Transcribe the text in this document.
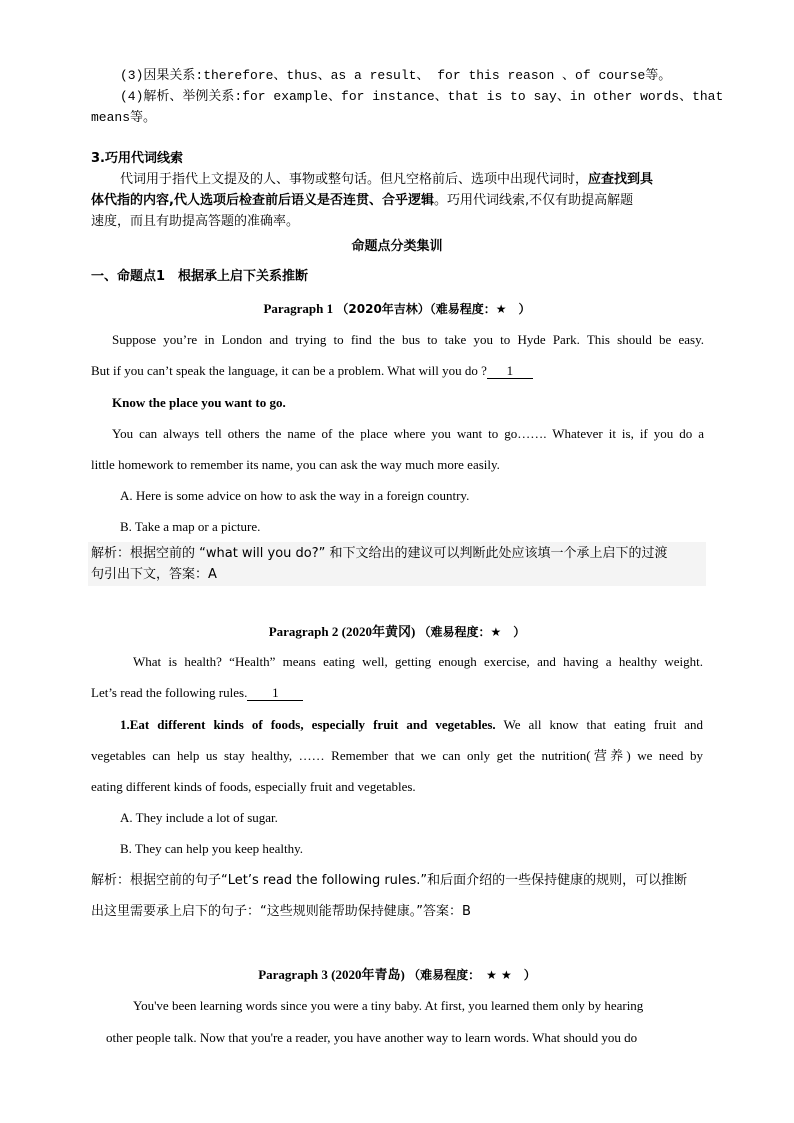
(3)因果关系:therefore、thus、as a result、 for this reason 、of course等。
(4)解析、举例关系:for example、for instance、that is to say、in other words、that
means等。
3.巧用代词线索
代词用于指代上文提及的人、事物或整句话。但凡空格前后、选项中出现代词时，应查找到具
体代指的内容,代人选项后检查前后语义是否连贯、合乎逻辑。巧用代词线索,不仅有助提高解题
速度，而且有助提高答题的准确率。
命题点分类集训
一、命题点1　根据承上启下关系推断
Paragraph 1 （2020年吉林）（难易程度：★　）
Suppose you’re in London and trying to find the bus to take you to Hyde Park. This should be easy.
But if you can’t speak the language, it can be a problem. What will you do ? 1
Know the place you want to go.
You can always tell others the name of the place where you want to go……. Whatever it is, if you do a
little homework to remember its name, you can ask the way much more easily.
A. Here is some advice on how to ask the way in a foreign country.
B. Take a map or a picture.
解析：根据空前的 “what will you do?” 和下文给出的建议可以判断此处应该填一个承上启下的过渡
句引出下文，答案：A
Paragraph 2 (2020年黄冈) （难易程度：★　）
What is health? “Health” means eating well, getting enough exercise, and having a healthy weight.
Let’s read the following rules. 1
1.Eat different kinds of foods, especially fruit and vegetables. We all know that eating fruit and
vegetables can help us stay healthy, …… Remember that we can only get the nutrition(营养) we need by
eating different kinds of foods, especially fruit and vegetables.
A. They include a lot of sugar.
B. They can help you keep healthy.
解析：根据空前的句子“Let’s read the following rules.”和后面介绍的一些保持健康的规则，可以推断
出这里需要承上启下的句子：“这些规则能帮助保持健康。”答案：B
Paragraph 3 (2020年青岛) （难易程度：　★ ★　）
You've been learning words since you were a tiny baby. At first, you learned them only by hearing
other people talk. Now that you're a reader, you have another way to learn words. What should you do
